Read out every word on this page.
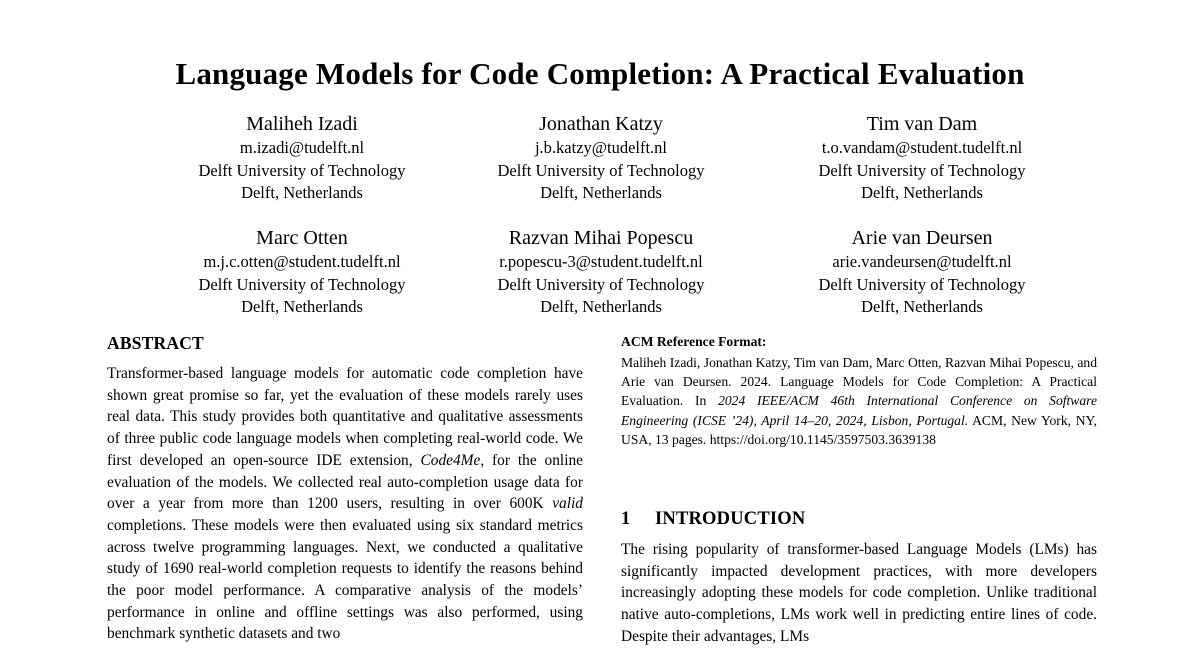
Language Models for Code Completion: A Practical Evaluation
Maliheh Izadi
m.izadi@tudelft.nl
Delft University of Technology
Delft, Netherlands
Jonathan Katzy
j.b.katzy@tudelft.nl
Delft University of Technology
Delft, Netherlands
Tim van Dam
t.o.vandam@student.tudelft.nl
Delft University of Technology
Delft, Netherlands
Marc Otten
m.j.c.otten@student.tudelft.nl
Delft University of Technology
Delft, Netherlands
Razvan Mihai Popescu
r.popescu-3@student.tudelft.nl
Delft University of Technology
Delft, Netherlands
Arie van Deursen
arie.vandeursen@tudelft.nl
Delft University of Technology
Delft, Netherlands
ABSTRACT

Transformer-based language models for automatic code completion have shown great promise so far, yet the evaluation of these models rarely uses real data. This study provides both quantitative and qualitative assessments of three public code language models when completing real-world code. We first developed an open-source IDE extension, Code4Me, for the online evaluation of the models. We collected real auto-completion usage data for over a year from more than 1200 users, resulting in over 600K valid completions. These models were then evaluated using six standard metrics across twelve programming languages. Next, we conducted a qualitative study of 1690 real-world completion requests to identify the reasons behind the poor model performance. A comparative analysis of the models’ performance in online and offline settings was also performed, using benchmark synthetic datasets and two

ACM Reference Format:

Maliheh Izadi, Jonathan Katzy, Tim van Dam, Marc Otten, Razvan Mihai Popescu, and Arie van Deursen. 2024. Language Models for Code Completion: A Practical Evaluation. In 2024 IEEE/ACM 46th International Conference on Software Engineering (ICSE ’24), April 14–20, 2024, Lisbon, Portugal. ACM, New York, NY, USA, 13 pages. https://doi.org/10.1145/3597503.3639138

1 INTRODUCTION

The rising popularity of transformer-based Language Models (LMs) has significantly impacted development practices, with more developers increasingly adopting these models for code completion. Unlike traditional native auto-completions, LMs work well in predicting entire lines of code. Despite their advantages, LMs
